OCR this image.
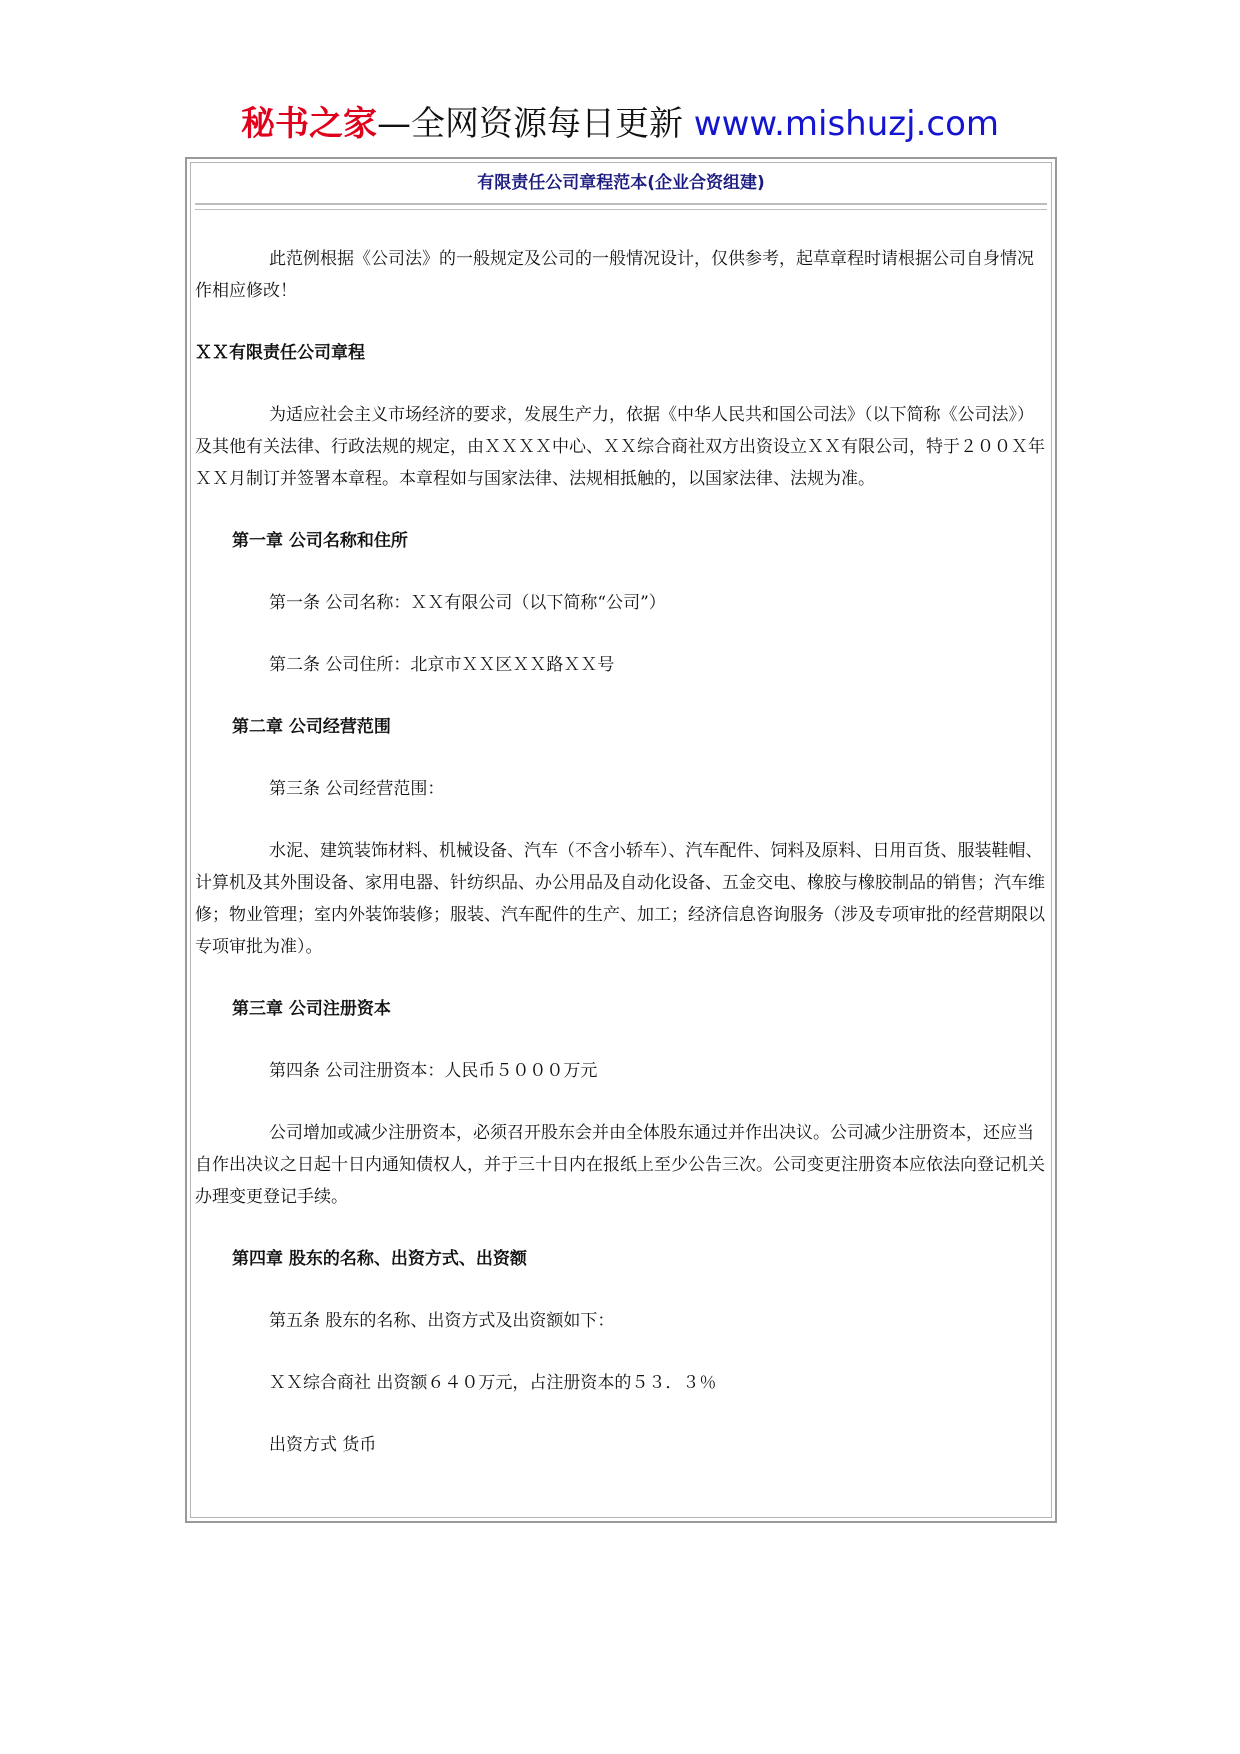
秘书之家—全网资源每日更新 www.mishuzj.com
有限责任公司章程范本(企业合资组建)

此范例根据《公司法》的一般规定及公司的一般情况设计，仅供参考，起草章程时请根据公司自身情况作相应修改！

ＸＸ有限责任公司章程

为适应社会主义市场经济的要求，发展生产力，依据《中华人民共和国公司法》（以下简称《公司法》）及其他有关法律、行政法规的规定，由ＸＸＸＸ中心、ＸＸ综合商社双方出资设立ＸＸ有限公司，特于２００Ｘ年ＸＸ月制订并签署本章程。本章程如与国家法律、法规相抵触的，以国家法律、法规为准。

第一章 公司名称和住所

第一条 公司名称：ＸＸ有限公司（以下简称“公司”）

第二条 公司住所：北京市ＸＸ区ＸＸ路ＸＸ号

第二章 公司经营范围

第三条 公司经营范围：

水泥、建筑装饰材料、机械设备、汽车（不含小轿车）、汽车配件、饲料及原料、日用百货、服装鞋帽、计算机及其外围设备、家用电器、针纺织品、办公用品及自动化设备、五金交电、橡胶与橡胶制品的销售；汽车维修；物业管理；室内外装饰装修；服装、汽车配件的生产、加工；经济信息咨询服务（涉及专项审批的经营期限以专项审批为准）。

第三章 公司注册资本

第四条 公司注册资本：人民币５０００万元

公司增加或减少注册资本，必须召开股东会并由全体股东通过并作出决议。公司减少注册资本，还应当自作出决议之日起十日内通知债权人，并于三十日内在报纸上至少公告三次。公司变更注册资本应依法向登记机关办理变更登记手续。

第四章 股东的名称、出资方式、出资额

第五条 股东的名称、出资方式及出资额如下：

ＸＸ综合商社 出资额６４０万元，占注册资本的５３．３％

出资方式 货币
